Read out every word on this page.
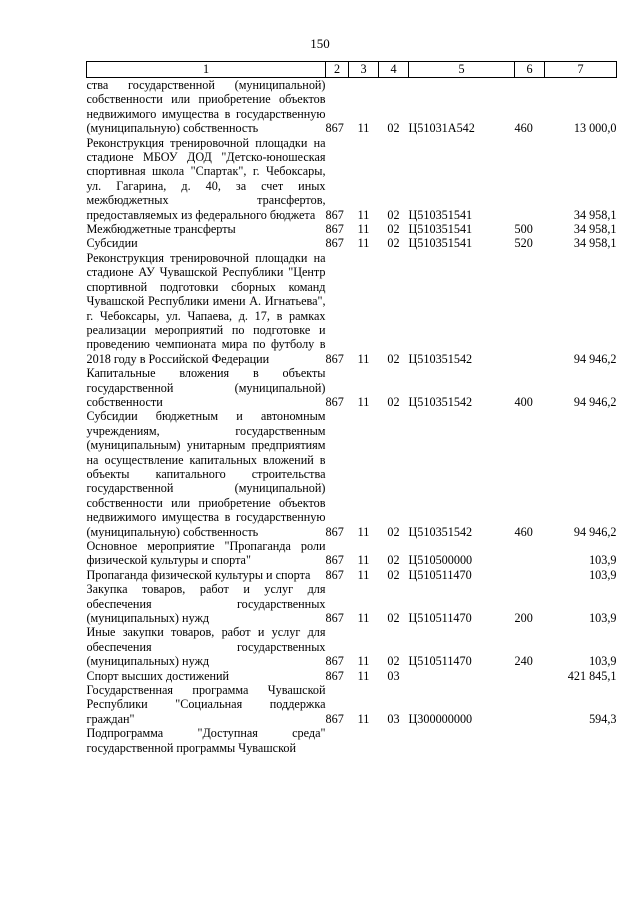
150
1	2	3	4	5	6	7
ства государственной (муниципальной) собственности или приобретение объектов недвижимого имущества в государственную (муниципальную) собственность	867	11	02	Ц51031А542	460	13 000,0
Реконструкция тренировочной площадки на стадионе МБОУ ДОД "Детско-юношеская спортивная школа "Спартак", г. Чебоксары, ул. Гагарина, д. 40, за счет иных межбюджетных трансфертов, предоставляемых из федерального бюджета	867	11	02	Ц510351541		34 958,1
Межбюджетные трансферты	867	11	02	Ц510351541	500	34 958,1
Субсидии	867	11	02	Ц510351541	520	34 958,1
Реконструкция тренировочной площадки на стадионе АУ Чувашской Республики "Центр спортивной подготовки сборных команд Чувашской Республики имени А. Игнатьева", г. Чебоксары, ул. Чапаева, д. 17, в рамках реализации мероприятий по подготовке и проведению чемпионата мира по футболу в 2018 году в Российской Федерации	867	11	02	Ц510351542		94 946,2
Капитальные вложения в объекты государственной (муниципальной) собственности	867	11	02	Ц510351542	400	94 946,2
Субсидии бюджетным и автономным учреждениям, государственным (муниципальным) унитарным предприятиям на осуществление капитальных вложений в объекты капитального строительства государственной (муниципальной) собственности или приобретение объектов недвижимого имущества в государственную (муниципальную) собственность	867	11	02	Ц510351542	460	94 946,2
Основное мероприятие "Пропаганда роли физической культуры и спорта"	867	11	02	Ц510500000		103,9
Пропаганда физической культуры и спорта	867	11	02	Ц510511470		103,9
Закупка товаров, работ и услуг для обеспечения государственных (муниципальных) нужд	867	11	02	Ц510511470	200	103,9
Иные закупки товаров, работ и услуг для обеспечения государственных (муниципальных) нужд	867	11	02	Ц510511470	240	103,9
Спорт высших достижений	867	11	03			421 845,1
Государственная программа Чувашской Республики "Социальная поддержка граждан"	867	11	03	Ц300000000		594,3
Подпрограмма "Доступная среда" государственной программы Чувашской						
